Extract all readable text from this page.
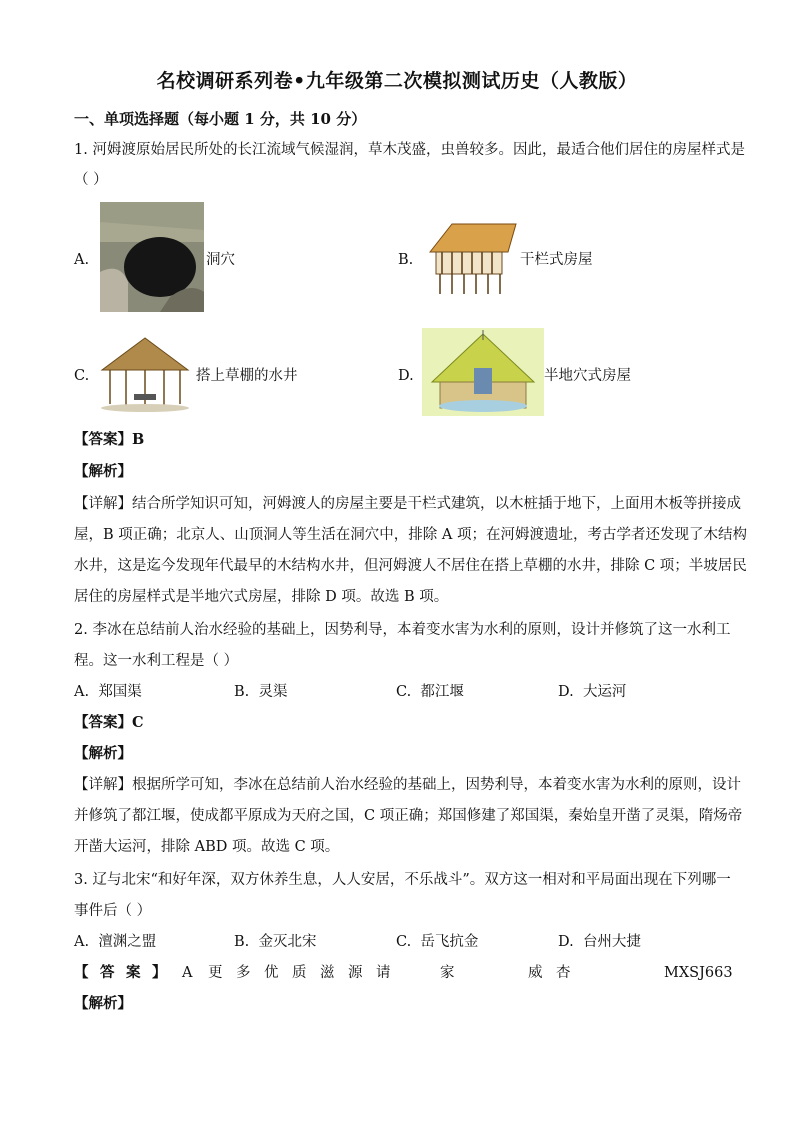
名校调研系列卷•九年级第二次模拟测试历史（人教版）
一、单项选择题（每小题 1 分，共 10 分）
1. 河姆渡原始居民所处的长江流域气候湿润，草木茂盛，虫兽较多。因此，最适合他们居住的房屋样式是
（ ）
A.	洞穴	B.	干栏式房屋
C.	搭上草棚的水井	D.	半地穴式房屋
【答案】B
【解析】
【详解】结合所学知识可知，河姆渡人的房屋主要是干栏式建筑，以木桩插于地下，上面用木板等拼接成
屋，B 项正确；北京人、山顶洞人等生活在洞穴中，排除 A 项；在河姆渡遗址，考古学者还发现了木结构
水井，这是迄今发现年代最早的木结构水井，但河姆渡人不居住在搭上草棚的水井，排除 C 项；半坡居民
居住的房屋样式是半地穴式房屋，排除 D 项。故选 B 项。
2. 李冰在总结前人治水经验的基础上，因势利导，本着变水害为水利的原则，设计并修筑了这一水利工
程。这一水利工程是（ ）
A. 郑国渠	B. 灵渠	C. 都江堰	D. 大运河
【答案】C
【解析】
【详解】根据所学可知，李冰在总结前人治水经验的基础上，因势利导，本着变水害为水利的原则，设计
并修筑了都江堰，使成都平原成为天府之国，C 项正确；郑国修建了郑国渠，秦始皇开凿了灵渠，隋炀帝
开凿大运河，排除 ABD 项。故选 C 项。
3. 辽与北宋“和好年深，双方休养生息，人人安居，不乐战斗”。双方这一相对和平局面出现在下列哪一
事件后（ ）
A. 澶渊之盟	B. 金灭北宋	C. 岳飞抗金	D. 台州大捷
【 答 案 】 A 更 多 优 质 滋 源 请	家	威 杏	MXSJ663
【解析】
